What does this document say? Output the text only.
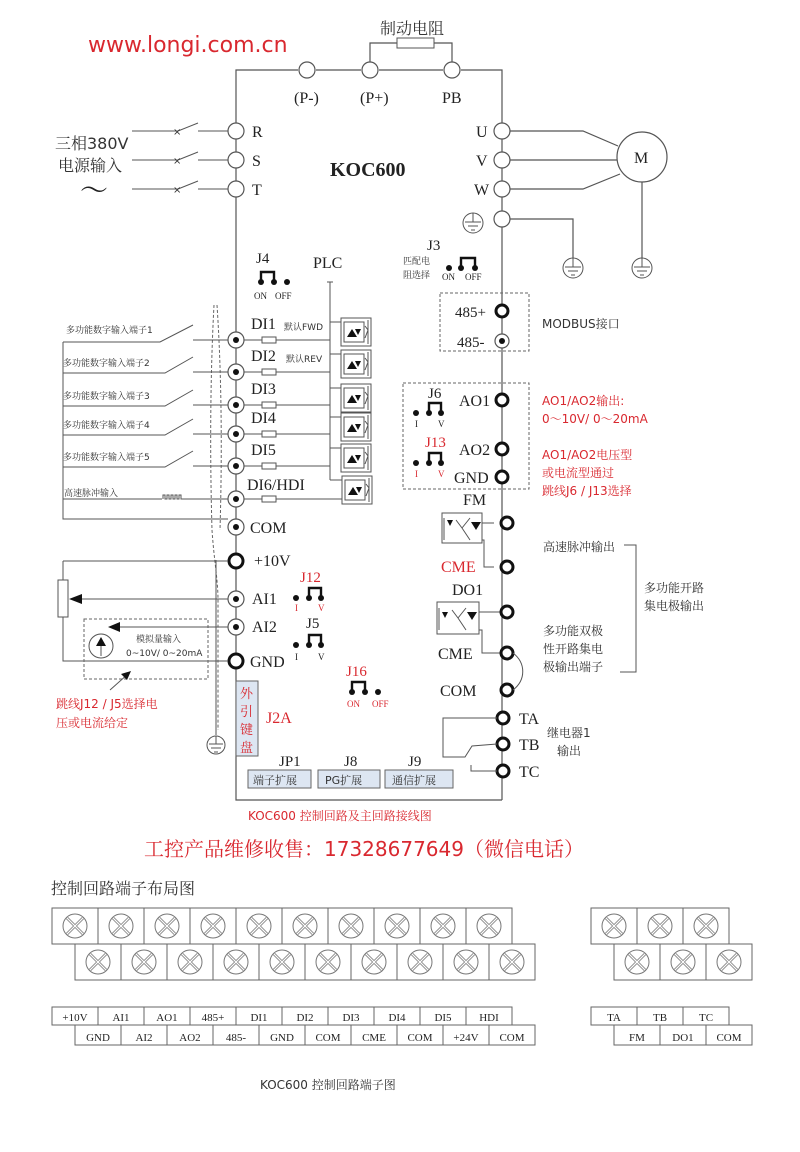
www.longi.com.cn
制动电阻
(P-)	(P+)	PB
三相380V
电源输入
～
×
×
×
R
S
T
KOC600
U
V
W
M
J3
匹配电
阻选择 ON OFF
J4
ON OFF
PLC
多功能数字输入端子1	DI1 默认FWD
多功能数字输入端子2	DI2 默认REV
多功能数字输入端子3	DI3
多功能数字输入端子4	DI4
多功能数字输入端子5	DI5
高速脉冲输入	DI6/HDI
COM
+10V
AI1
AI2
GND
模拟量输入
0~10V/ 0~20mA
跳线J12 / J5选择电
压或电流给定
J12
I V
J5
I V
J16
ON OFF
外
引
键
盘
J2A
JP1
端子扩展
J8
PG扩展
J9
通信扩展
485+
485-
MODBUS接口
AO1
AO2
GND
J6
I V
J13
I V
AO1/AO2输出:
0～10V/ 0～20mA
AO1/AO2电压型
或电流型通过
跳线J6 / J13选择
FM
CME
DO1
CME
COM
高速脉冲输出
多功能开路
集电极输出
多功能双极
性开路集电
极输出端子
TA
TB
TC
继电器1
输出
KOC600 控制回路及主回路接线图
工控产品维修收售：17328677649（微信电话）
控制回路端子布局图
+10V AI1 AO1 485+ DI1	DI2	DI3	DI4	DI5	HDI
GND AI2 AO2 485- GND COM CME COM +24V COM
TA	TB	TC
FM DO1 COM
KOC600 控制回路端子图
